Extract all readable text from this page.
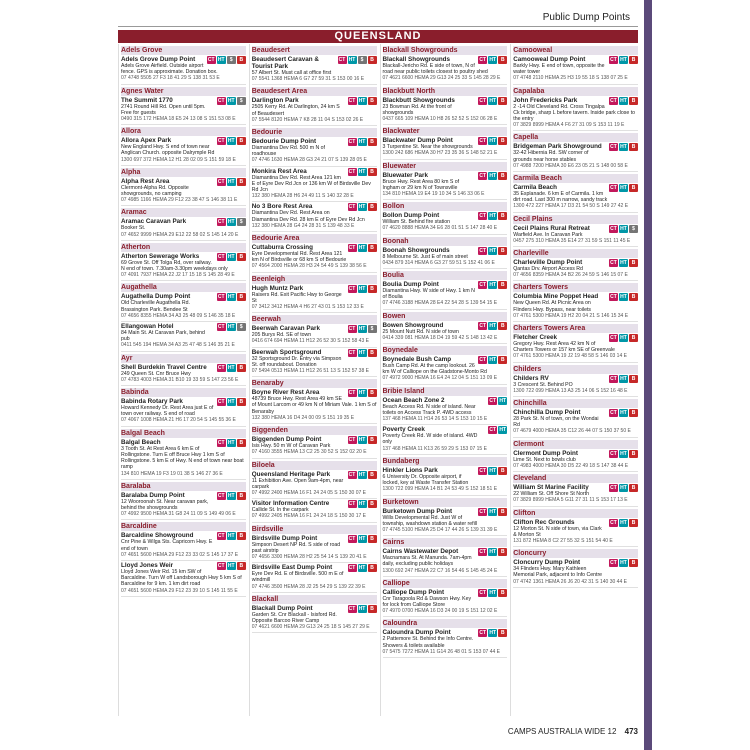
Public Dump Points
QUEENSLAND
Adels Grove
CT HT $ B
Adels Grove Dump Point
Adels Grove Airfield. Outside airport fence. GPS is approximate. Donation box.
07 4748 5505 27 F3 18 41 29 S 138 31 53 E
Agnes Water
CT HT $
The Summit 1770
2741 Round Hill Rd. Open until 5pm. Free for guests
0490 315 172 HEMA 18 E5 24 13 08 S 151 53 08 E
Allora
CT HT B
Allora Apex Park
New England Hwy. S end of town near Anglican Church. opposite Dalrymple Rd
1300 697 372 HEMA 12 H1 28 02 09 S 151 59 18 E
Alpha
CT HT B
Alpha Rest Area
Clermont-Alpha Rd. Opposite showgrounds, no camping
07 4985 1166 HEMA 29 F12 23 38 47 S 146 38 11 E
Aramac
CT HT $
Aramac Caravan Park
Booker St.
07 4652 9999 HEMA 29 E12 22 58 02 S 145 14 20 E
Atherton
CT HT B
Atherton Sewerage Works
69 Grove St. Off Tolga Rd, over railway. N end of town. 7.30am-3.30pm weekdays only
07 4091 7937 HEMA 22 J2 17 15 18 S 145 28 49 E
Augathella
CT HT B
Augathella Dump Point
Old Charleville Augathella Rd. Brassington Park. Bendee St
07 4656 8355 HEMA 34 A3 25 48 09 S 146 35 18 E
CT HT $
Ellangowan Hotel
84 Main St. At Caravan Park, behind pub
0411 545 194 HEMA 34 A3 25 47 48 S 146 35 21 E
Ayr
CT HT B
Shell Burdekin Travel Centre
249 Queen St. Cnr Bruce Hwy
07 4783 4003 HEMA 31 B10 19 33 59 S 147 23 56 E
Babinda
CT HT B
Babinda Rotary Park
Howard Kennedy Dr. Rest Area just E of town over railway. S end of road
07 4067 1008 HEMA 21 H6 17 20 54 S 145 55 36 E
Balgal Beach
CT HT B
Balgal Beach
3 Tooth St. At Rest Area 6 km E of Rollingstone. Turn E off Bruce Hwy 1 km S of Rollingstone. 5 km E of Hwy. N end of town near boat ramp
134 810 HEMA 19 F3 19 01 38 S 146 27 36 E
Baralaba
CT HT B
Baralaba Dump Point
12 Wooroonah St. Near caravan park, behind the showgrounds
07 4992 9500 HEMA 31 G8 24 11 09 S 149 49 06 E
Barcaldine
CT HT B
Barcaldine Showground
Cnr Pine & Wilga Sts. Capricorn Hwy. E end of town
07 4651 5600 HEMA 29 F12 23 33 02 S 145 17 37 E
CT HT B
Lloyd Jones Weir
Lloyd Jones Weir Rd. 15 km SW of Barcaldine. Turn W off Landsborough Hwy 5 km S of Barcaldine for 9 km. 1 km dirt road
07 4651 5600 HEMA 29 F12 23 39 10 S 145 11 55 E
Beaudesert
CT HT $ B
Beaudesert Caravan & Tourist Park
57 Albert St. Must call at office first
07 5541 1368 HEMA 6 G7 27 59 31 S 153 00 16 E
Beaudesert Area
CT HT B
Darlington Park
2505 Kerry Rd. At Darlington, 24 km S of Beaudesert
07 5544 8120 HEMA 7 K8 28 11 04 S 153 02 26 E
Bedourie
CT HT B
Bedourie Dump Point
Diamantina Dev Rd. 500 m N of roadhouse
07 4746 1630 HEMA 28 G3 24 21 07 S 139 28 05 E
CT HT B
Monkira Rest Area
Diamantina Dev Rd. Rest Area 121 km E of Eyre Dev Rd Jcn or 136 km W of Birdsville Dev Rd Jcn
132 380 HEMA 28 H6 24 49 11 S 140 32 28 E
CT HT B
No 3 Bore Rest Area
Diamantina Dev Rd. Rest Area on Diamantina Dev Rd. 28 km E of Eyre Dev Rd Jcn
132 380 HEMA 28 G4 24 28 31 S 139 48 33 E
Bedourie Area
CT HT B
Cuttaburra Crossing
Eyre Developmental Rd. Rest Area 121 km N of Birdsville or 68 km S of Bedourie
07 4564 2000 HEMA 28 H3 24 54 49 S 139 38 56 E
Beenleigh
CT HT B
Hugh Muntz Park
Raisers Rd. Exit Pacific Hwy to George St
07 3412 3412 HEMA 4 H6 27 43 01 S 153 12 33 E
Beerwah
CT HT $
Beerwah Caravan Park
205 Burys Rd. SE of town
0416 674 694 HEMA 11 H12 26 52 30 S 152 58 43 E
CT HT B
Beerwah Sportsground
32 Sportsground Dr. Entry via Simpson St. off roundabout. Donation
07 5494 0513 HEMA 11 H12 26 51 13 S 152 57 38 E
Benaraby
CT HT B
Boyne River Rest Area
48739 Bruce Hwy. Rest Area 49 km SE of Mount Larcom or 49 km N of Miriam Vale. 1 km S of Benaraby
132 380 HEMA 16 D4 24 00 09 S 151 19 35 E
Biggenden
CT HT B
Biggenden Dump Point
Isis Hwy. 50 m W of Caravan Park
07 4160 3555 HEMA 13 C2 25 30 52 S 152 02 20 E
Biloela
CT HT B
Queensland Heritage Park
11 Exhibition Ave. Open 9am-4pm, near carpark
07 4992 2400 HEMA 16 F1 24 24 05 S 150 30 07 E
CT HT B
Visitor Information Centre
Callide St. In the carpark
07 4992 2405 HEMA 16 F1 24 24 18 S 150 30 17 E
Birdsville
CT HT B
Birdsville Dump Point
Simpson Desert NP Rd. S side of road past airstrip
07 4656 3300 HEMA 28 H2 25 54 14 S 139 20 41 E
CT HT B
Birdsville East Dump Point
Eyre Dev Rd. E of Birdsville. 500 m E of windmill
07 4746 3500 HEMA 28 J2 25 54 29 S 139 22 39 E
Blackall
CT HT B
Blackall Dump Point
Garden St. Cnr Blackall - Isisford Rd. Opposite Barcoo River Camp
07 4621 6600 HEMA 29 G13 24 25 18 S 145 27 29 E
Blackall Showgrounds
CT HT B
Blackall Showgrounds
Blackall-Jericho Rd. E side of town, N of road near public toilets closest to poultry shed
07 4621 6600 HEMA 29 G13 24 25 33 S 145 28 29 E
Blackbutt North
CT HT B
Blackbutt Showgrounds
23 Bowman Rd. At the front of showgrounds
0437 665 109 HEMA 10 H8 26 52 52 S 152 06 28 E
Blackwater
CT HT B
Blackwater Dump Point
3 Turpentine St. Near the showgrounds
1300 242 686 HEMA 30 H7 23 35 36 S 148 52 21 E
Bluewater
CT HT B
Bluewater Park
Bruce Hwy. Rest Area 80 km S of Ingham or 29 km N of Townsville
134 810 HEMA 19 E4 19 10 34 S 146 33 06 E
Bollon
CT HT B
Bollon Dump Point
William St. Behind fire station
07 4620 8888 HEMA 34 E6 28 01 51 S 147 28 40 E
Boonah
CT HT B
Boonah Showgrounds
8 Melbourne St. Just E of main street
0434 879 314 HEMA 6 G3 27 59 51 S 152 41 06 E
Boulia
CT HT B
Boulia Dump Point
Diamantina Hwy. W side of Hwy. 1 km N of Boulia
07 4746 3188 HEMA 28 E4 22 54 28 S 139 54 15 E
Bowen
CT HT B
Bowen Showground
25 Mount Nutt Rd. N side of town
0414 339 081 HEMA 18 D4 19 59 42 S 148 13 42 E
Boynedale
CT HT B
Boynedale Bush Camp
Bush Camp Rd. At the camp lookout. 26 km W of Calliope on the Gladstone-Monto Rd
07 4972 9000 HEMA 16 E4 24 12 04 S 151 13 09 E
Bribie Island
CT HT
Ocean Beach Zone 2
Beach Access Rd. N side of island. Near toilets on Access Track P. 4WD access
137 468 HEMA 11 H14 26 53 14 S 153 10 15 E
CT HT
Poverty Creek
Poverty Creek Rd. W side of island. 4WD only
137 468 HEMA 11 K13 26 59 29 S 153 07 15 E
Bundaberg
CT HT B
Hinkler Lions Park
6 University Dr. Opposite airport, if locked, key at Waste Transfer Station
1300 722 099 HEMA 14 B1 24 53 49 S 152 18 51 E
Burketown
CT HT B
Burketown Dump Point
Wills Developmental Rd. Just W of township, washdown station & water refill
07 4745 5100 HEMA 25 D4 17 44 26 S 139 31 39 E
Cairns
CT HT B
Cairns Wastewater Depot
Macnamara St. At Manunda. 7am-4pm daily, excluding public holidays
1300 692 247 HEMA 22 C7 16 54 46 S 145 45 24 E
Calliope
CT HT B
Calliope Dump Point
Cnr Taragoola Rd & Dawson Hwy. Key for lock from Calliope Store
07 4970 0700 HEMA 16 D3 24 00 19 S 151 12 02 E
Caloundra
CT HT B
Caloundra Dump Point
2 Pattemore St. Behind the Info Centre. Showers & toilets available
07 5475 7272 HEMA 11 G14 26 48 01 S 153 07 44 E
Camooweal
CT HT B
Camooweal Dump Point
Barkly Hwy. E end of town, opposite the water tower
07 4748 2110 HEMA 25 H3 19 55 18 S 138 07 25 E
Capalaba
CT HT B
John Fredericks Park
2 -14 Old Cleveland Rd. Cross Tingalpa Ck bridge, sharp L before tavern. Inside park close to the entry
07 3829 8999 HEMA 4 F6 27 31 09 S 153 11 19 E
Capella
CT HT B
Bridgeman Park Showground
32-42 Hibernia Rd. SW corner of grounds near horse stables
07 4988 7200 HEMA 30 E6 23 05 21 S 148 00 58 E
Carmila Beach
CT HT B
Carmila Beach
35 Esplanade. 6 km E of Carmila. 1 km dirt road. Last 300 m narrow, sandy track
1300 472 227 HEMA 17 D3 21 54 50 S 149 27 42 E
Cecil Plains
CT HT $
Cecil Plains Rural Retreat
Warfield Ave. In Caravan Park
0457 275 310 HEMA 35 E14 27 31 59 S 151 11 45 E
Charleville
CT HT B
Charleville Dump Point
Qantas Drv. Airport Access Rd
07 4656 8359 HEMA 34 B2 26 24 59 S 146 15 07 E
Charters Towers
CT HT B
Columbia Mine Poppet Head
New Queen Rd. At Picnic Area on Flinders Hwy. Bypass, near toilets
07 4761 5300 HEMA 19 H2 20 04 21 S 146 15 34 E
Charters Towers Area
CT HT B
Fletcher Creek
Gregory Hwy. Rest Area 42 km N of Charters Towers or 157 km SE of Greenvale
07 4761 5300 HEMA 19 J2 19 48 58 S 146 03 14 E
Childers
CT HT B
Childers RV
3 Crescent St. Behind PO
1300 722 099 HEMA 13 A3 25 14 06 S 152 16 48 E
Chinchilla
CT HT B
Chinchilla Dump Point
28 Park St. N of town, on the Wondai Rd
07 4679 4000 HEMA 35 C12 26 44 07 S 150 37 50 E
Clermont
CT HT B
Clermont Dump Point
Lime St. Next to bowls club
07 4983 4000 HEMA 30 D5 22 49 18 S 147 38 44 E
Cleveland
CT HT B
William St Marine Facility
22 William St. Off Shore St North
07 3829 8999 HEMA 5 G11 27 31 11 S 153 17 13 E
Clifton
CT HT B
Clifton Rec Grounds
12 Morton St. N side of town, via Clark & Morton St
131 872 HEMA 8 C2 27 55 32 S 151 54 40 E
Cloncurry
CT HT B
Cloncurry Dump Point
34 Flinders Hwy. Mary Kathleen Memorial Park, adjacent to Info Centre
07 4742 1361 HEMA 26 J6 20 42 31 S 140 30 44 E
CAMPS AUSTRALIA WIDE 12 473
